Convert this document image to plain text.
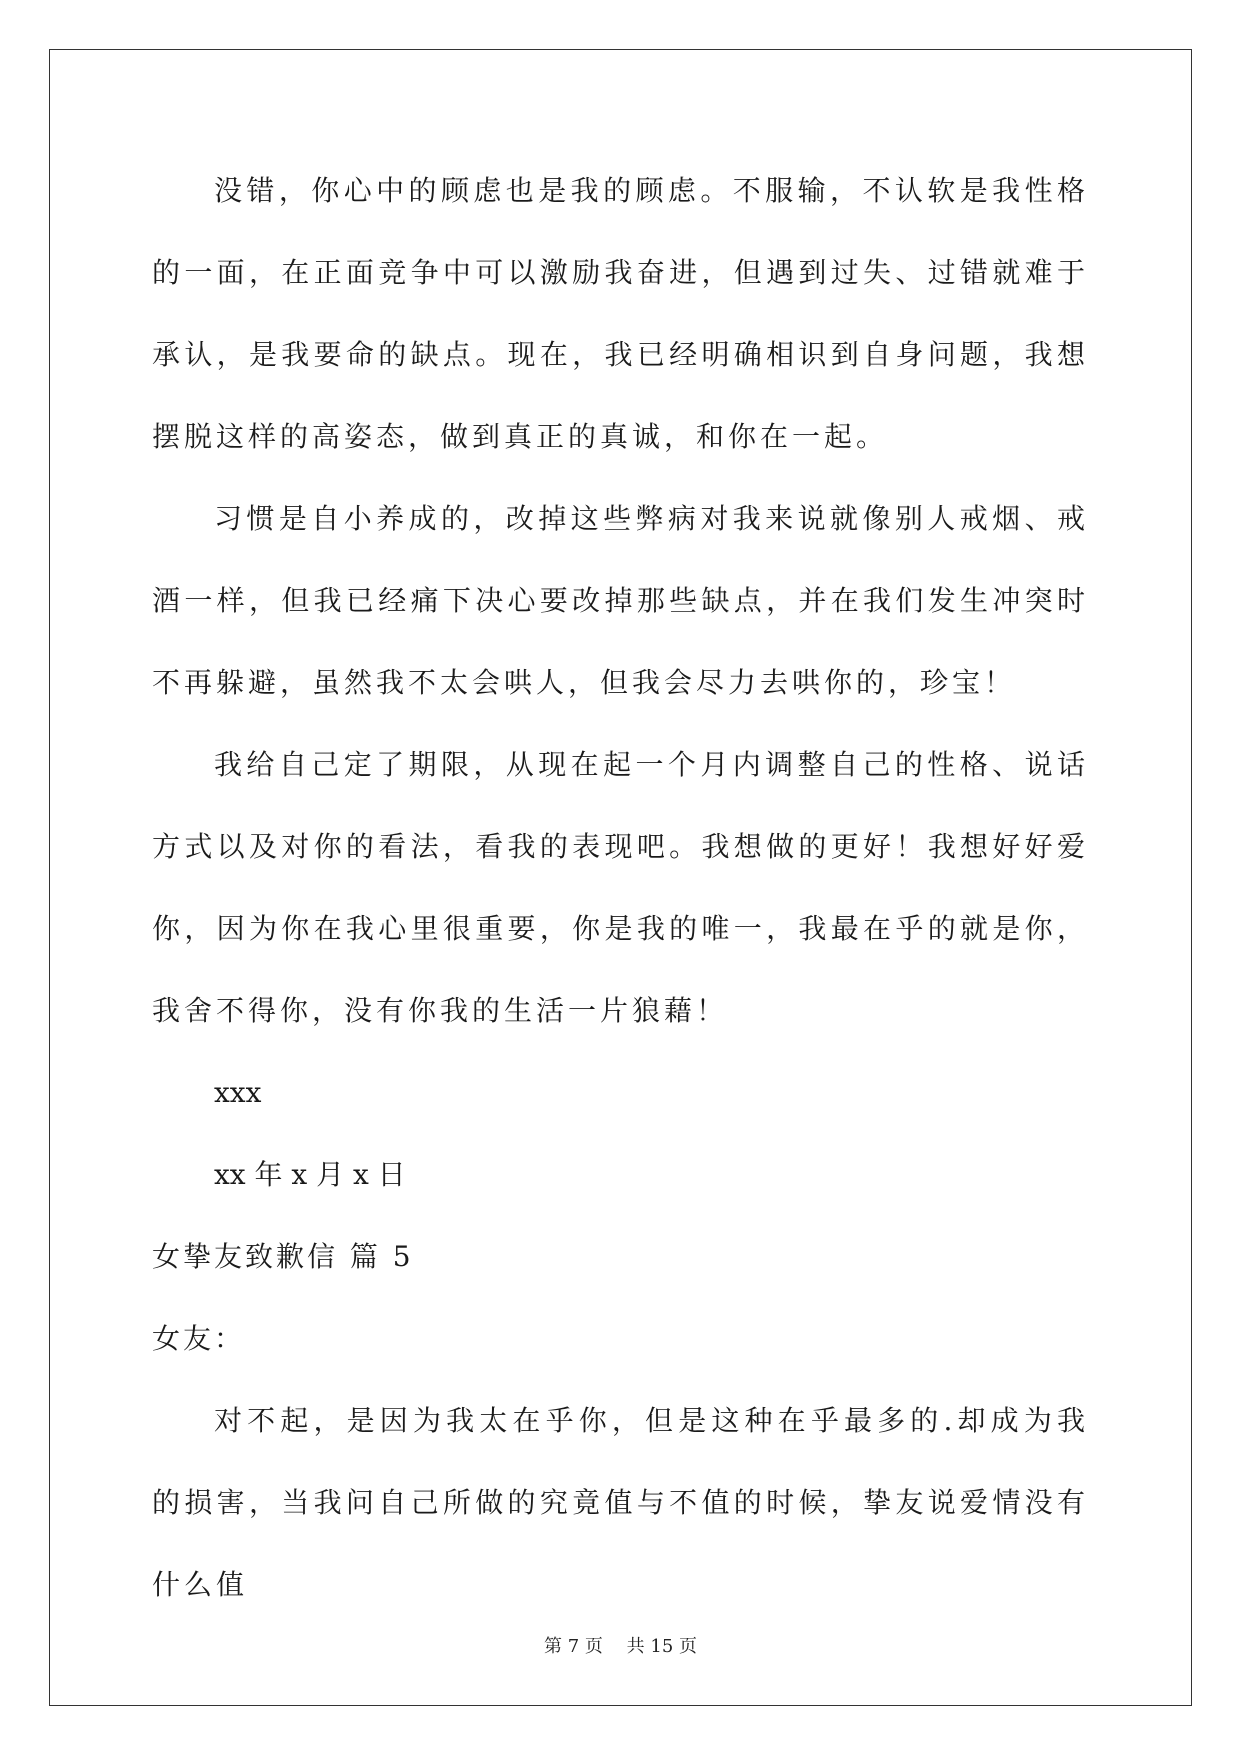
没错，你心中的顾虑也是我的顾虑。不服输，不认软是我性格的一面，在正面竞争中可以激励我奋进，但遇到过失、过错就难于承认，是我要命的缺点。现在，我已经明确相识到自身问题，我想摆脱这样的高姿态，做到真正的真诚，和你在一起。

习惯是自小养成的，改掉这些弊病对我来说就像别人戒烟、戒酒一样，但我已经痛下决心要改掉那些缺点，并在我们发生冲突时不再躲避，虽然我不太会哄人，但我会尽力去哄你的，珍宝！

我给自己定了期限，从现在起一个月内调整自己的性格、说话方式以及对你的看法，看我的表现吧。我想做的更好！我想好好爱你，因为你在我心里很重要，你是我的唯一，我最在乎的就是你，我舍不得你，没有你我的生活一片狼藉！

xxx

xx 年 x 月 x 日

女挚友致歉信 篇 5

女友：

对不起，是因为我太在乎你，但是这种在乎最多的.却成为我的损害，当我问自己所做的究竟值与不值的时候，挚友说爱情没有什么值

第 7 页 共 15 页
